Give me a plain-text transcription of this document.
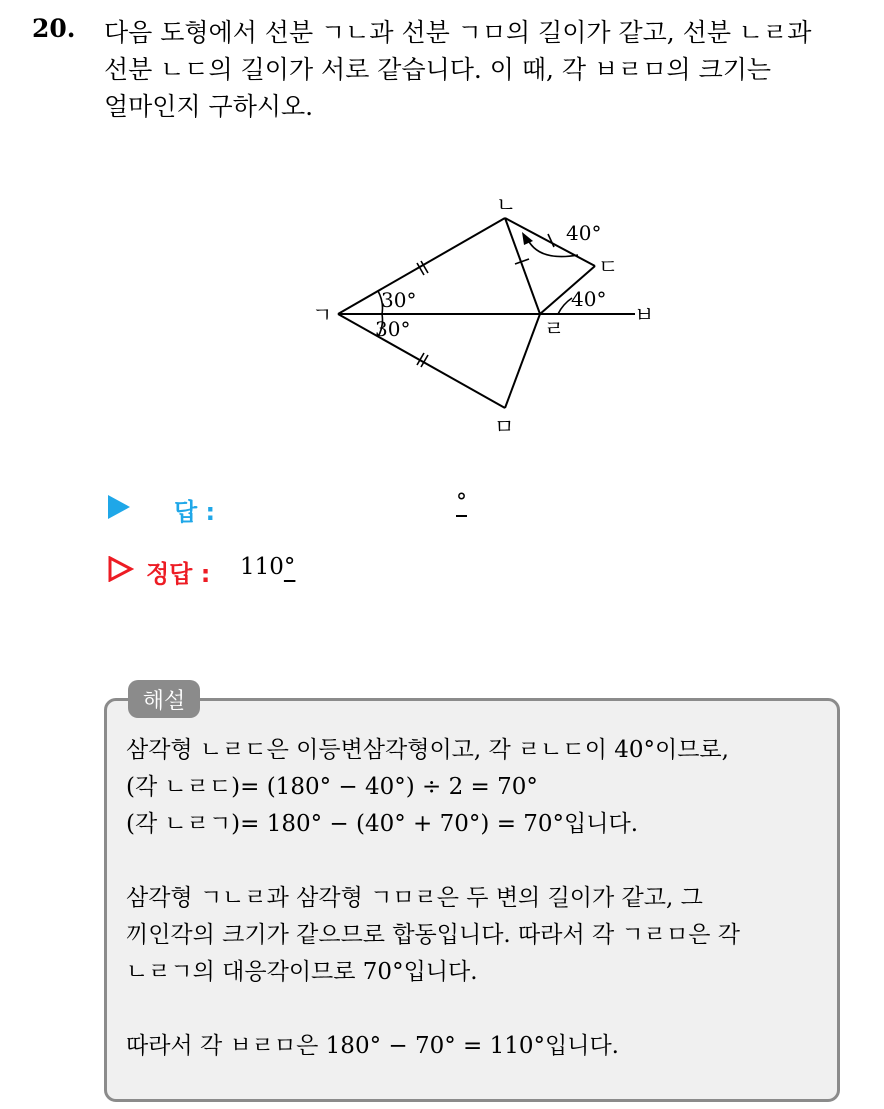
20. 다음 도형에서 선분 ㄱㄴ과 선분 ㄱㅁ의 길이가 같고, 선분 ㄴㄹ과
선분 ㄴㄷ의 길이가 서로 같습니다. 이 때, 각 ㅂㄹㅁ의 크기는
얼마인지 구하시오.
ㄱ
ㄴ
ㄷ
ㄹ
ㅁ
ㅂ
30°
30°
40°
40°
답 :	°
정답 : 110°
해설
삼각형 ㄴㄹㄷ은 이등변삼각형이고, 각 ㄹㄴㄷ이 40°이므로,
(각 ㄴㄹㄷ)= (180° − 40°) ÷ 2 = 70°
(각 ㄴㄹㄱ)= 180° − (40° + 70°) = 70°입니다.
삼각형 ㄱㄴㄹ과 삼각형 ㄱㅁㄹ은 두 변의 길이가 같고, 그
끼인각의 크기가 같으므로 합동입니다. 따라서 각 ㄱㄹㅁ은 각
ㄴㄹㄱ의 대응각이므로 70°입니다.
따라서 각 ㅂㄹㅁ은 180° − 70° = 110°입니다.
